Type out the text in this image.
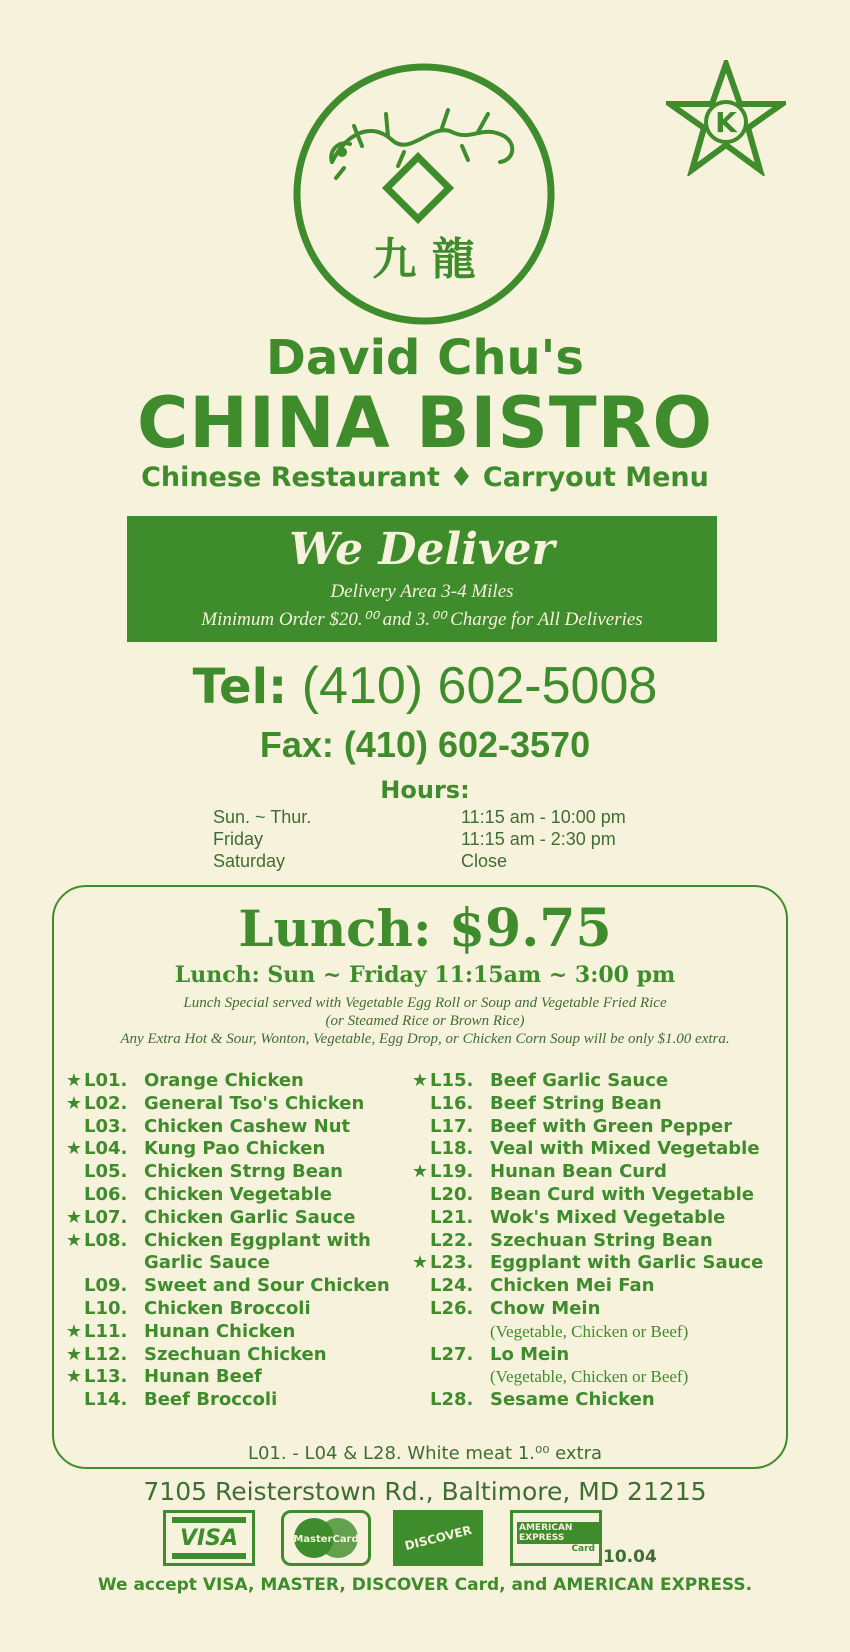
九 龍
K
David Chu's
CHINA BISTRO
Chinese Restaurant ♦ Carryout Menu
We Deliver
Delivery Area 3-4 Miles
Minimum Order $20.⁰⁰ and 3.⁰⁰ Charge for All Deliveries
Tel: (410) 602-5008
Fax: (410) 602-3570
Hours:
Sun. ~ Thur.	11:15 am - 10:00 pm
Friday	11:15 am - 2:30 pm
Saturday	Close
Lunch: $9.75
Lunch: Sun ~ Friday 11:15am ~ 3:00 pm
Lunch Special served with Vegetable Egg Roll or Soup and Vegetable Fried Rice
(or Steamed Rice or Brown Rice)
Any Extra Hot & Sour, Wonton, Vegetable, Egg Drop, or Chicken Corn Soup will be only $1.00 extra.
★ L01. Orange Chicken
★ L02. General Tso's Chicken
L03. Chicken Cashew Nut
★ L04. Kung Pao Chicken
L05. Chicken Strng Bean
L06. Chicken Vegetable
★ L07. Chicken Garlic Sauce
★ L08. Chicken Eggplant with
Garlic Sauce
L09. Sweet and Sour Chicken
L10. Chicken Broccoli
★ L11. Hunan Chicken
★ L12. Szechuan Chicken
★ L13. Hunan Beef
L14. Beef Broccoli
★ L15. Beef Garlic Sauce
L16. Beef String Bean
L17. Beef with Green Pepper
L18. Veal with Mixed Vegetable
★ L19. Hunan Bean Curd
L20. Bean Curd with Vegetable
L21. Wok's Mixed Vegetable
L22. Szechuan String Bean
★ L23. Eggplant with Garlic Sauce
L24. Chicken Mei Fan
L26. Chow Mein
(Vegetable, Chicken or Beef)
L27. Lo Mein
(Vegetable, Chicken or Beef)
L28. Sesame Chicken
L01. - L04 & L28. White meat 1.⁰⁰ extra
7105 Reisterstown Rd., Baltimore, MD 21215
VISA	MasterCard	DISCOVER	AMERICAN EXPRESS
Card 10.04
We accept VISA, MASTER, DISCOVER Card, and AMERICAN EXPRESS.
